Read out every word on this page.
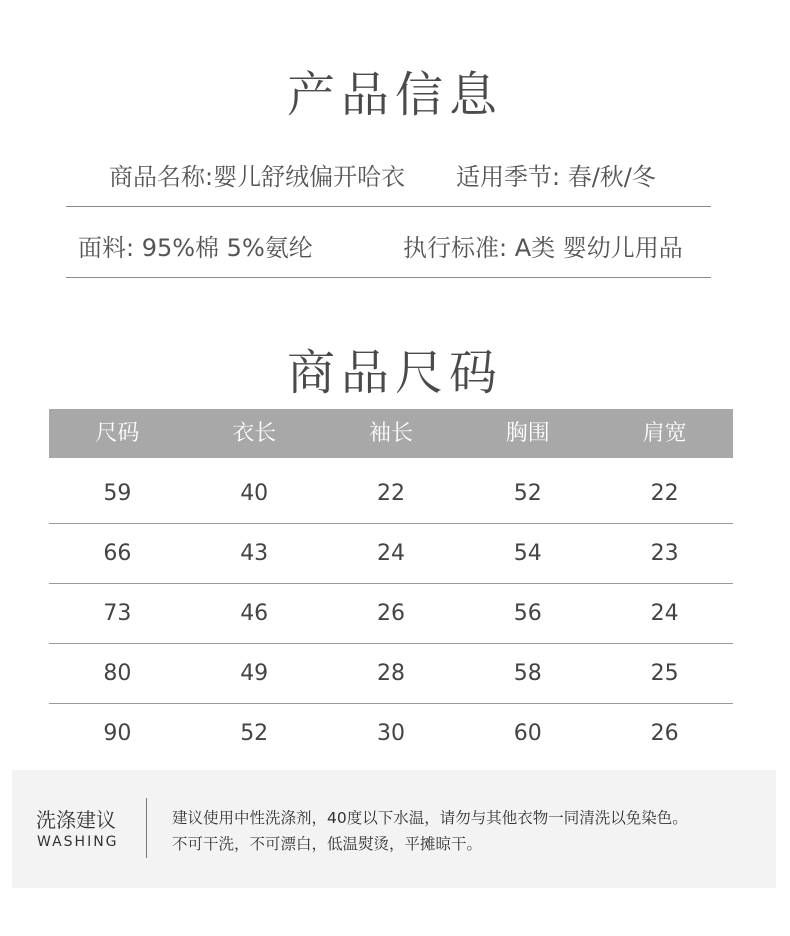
产品信息
商品名称:婴儿舒绒偏开哈衣 适用季节: 春/秋/冬
面料: 95%棉 5%氨纶	执行标准: A类 婴幼儿用品
商品尺码
尺码	衣长	袖长	胸围	肩宽
59	40	22	52	22
66	43	24	54	23
73	46	26	56	24
80	49	28	58	25
90	52	30	60	26
洗涤建议
WASHING
建议使用中性洗涤剂，40度以下水温，请勿与其他衣物一同清洗以免染色。
不可干洗，不可漂白，低温熨烫，平摊晾干。
